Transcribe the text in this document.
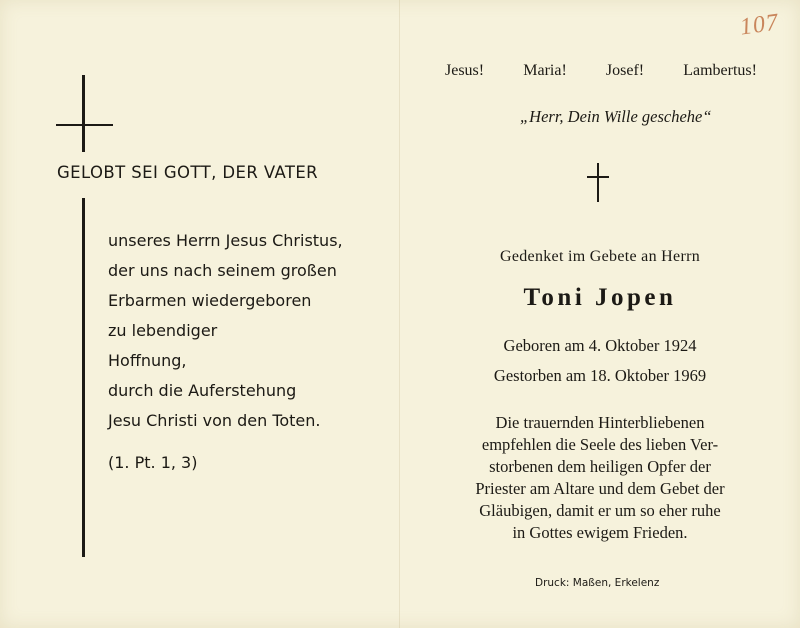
107
GELOBT SEI GOTT, DER VATER
unseres Herrn Jesus Christus,
der uns nach seinem großen
Erbarmen wiedergeboren
zu lebendiger
Hoffnung,
durch die Auferstehung
Jesu Christi von den Toten.
(1. Pt. 1, 3)
Jesus! Maria! Josef! Lambertus!
„Herr, Dein Wille geschehe“
Gedenket im Gebete an Herrn
Toni Jopen
Geboren am 4. Oktober 1924
Gestorben am 18. Oktober 1969
Die trauernden Hinterbliebenen
empfehlen die Seele des lieben Ver-
storbenen dem heiligen Opfer der
Priester am Altare und dem Gebet der
Gläubigen, damit er um so eher ruhe
in Gottes ewigem Frieden.
Druck: Maßen, Erkelenz
